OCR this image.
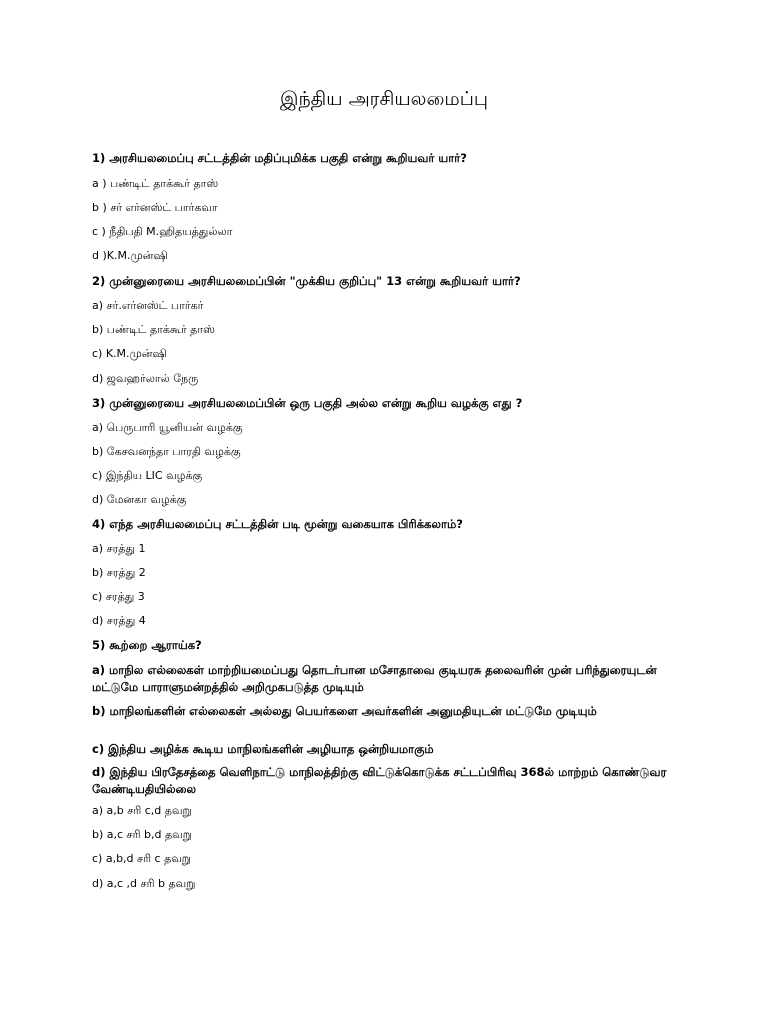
இந்திய அரசியலமைப்பு
1) அரசியலமைப்பு சட்டத்தின் மதிப்புமிக்க பகுதி என்று கூறியவர் யார்?
a ) பண்டிட் தாக்கூர் தாஸ்
b ) சர் எர்னஸ்ட் பார்கவா
c ) நீதிபதி M.ஹிதயத்துல்லா
d )K.M.முன்ஷி
2) முன்னுரையை அரசியலமைப்பின் "முக்கிய குறிப்பு" 13 என்று கூறியவர் யார்?
a) சர்.எர்னஸ்ட் பார்கர்
b) பண்டிட் தாக்கூர் தாஸ்
c) K.M.முன்ஷி
d) ஜவஹர்லால் நேரு
3) முன்னுரையை அரசியலமைப்பின் ஒரு பகுதி அல்ல என்று கூறிய வழக்கு எது ?
a) பெருபாரி யூனியன் வழக்கு
b) கேசவனந்தா பாரதி வழக்கு
c) இந்திய LIC வழக்கு
d) மேனகா வழக்கு
4) எந்த அரசியலமைப்பு சட்டத்தின் படி மூன்று வகையாக பிரிக்கலாம்?
a) சரத்து 1
b) சரத்து 2
c) சரத்து 3
d) சரத்து 4
5) கூற்றை ஆராய்க?
a) மாநில எல்லைகள் மாற்றியமைப்பது தொடர்பான மசோதாவை குடியரசு தலைவரின் முன் பரிந்துரையுடன் மட்டுமே பாராளுமன்றத்தில் அறிமுகபடுத்த முடியும்
b) மாநிலங்களின் எல்லைகள் அல்லது பெயர்களை அவர்களின் அனுமதியுடன் மட்டுமே முடியும்
c) இந்திய அழிக்க கூடிய மாநிலங்களின் அழியாத ஒன்றியமாகும்
d) இந்திய பிரதேசத்தை வெளிநாட்டு மாநிலத்திற்கு விட்டுக்கொடுக்க சட்டப்பிரிவு 368ல் மாற்றம் கொண்டுவர வேண்டியதியில்லை
a) a,b சரி c,d தவறு
b) a,c சரி b,d தவறு
c) a,b,d சரி c தவறு
d) a,c ,d சரி b தவறு
